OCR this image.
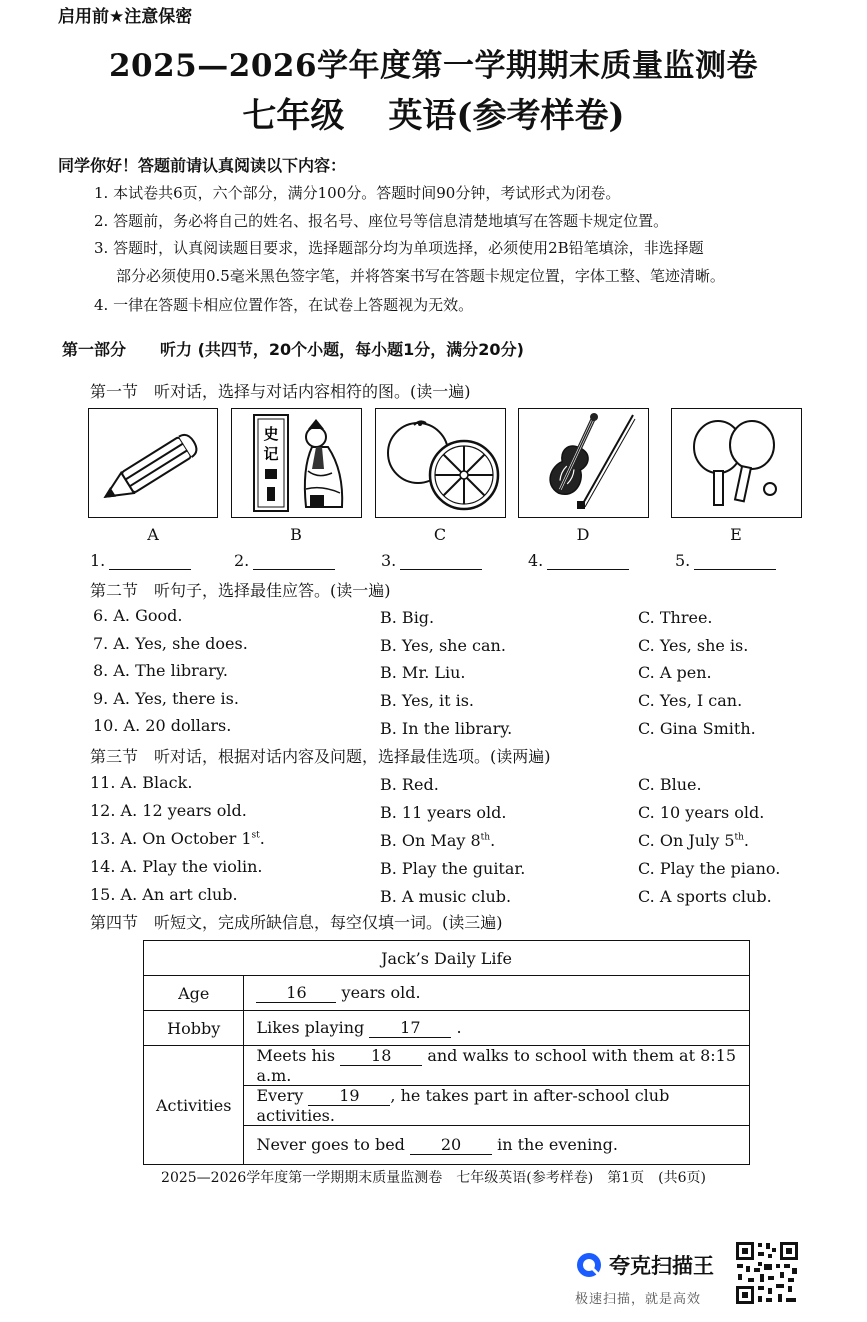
启用前★注意保密
2025—2026学年度第一学期期末质量监测卷
七年级 英语(参考样卷)
同学你好！答题前请认真阅读以下内容：
1. 本试卷共6页，六个部分，满分100分。答题时间90分钟，考试形式为闭卷。
2. 答题前，务必将自己的姓名、报名号、座位号等信息清楚地填写在答题卡规定位置。
3. 答题时，认真阅读题目要求，选择题部分均为单项选择，必须使用2B铅笔填涂，非选择题
部分必须使用0.5毫米黑色签字笔，并将答案书写在答题卡规定位置，字体工整、笔迹清晰。
4. 一律在答题卡相应位置作答，在试卷上答题视为无效。
第一部分 听力 (共四节，20个小题，每小题1分，满分20分)
第一节　听对话，选择与对话内容相符的图。(读一遍)
史
记
A	B	C	D	E
1.	2.	3.	4.	5.
第二节　听句子，选择最佳应答。(读一遍)
6. A. Good.	B. Big.	C. Three.
7. A. Yes, she does.	B. Yes, she can.	C. Yes, she is.
8. A. The library.	B. Mr. Liu.	C. A pen.
9. A. Yes, there is.	B. Yes, it is.	C. Yes, I can.
10. A. 20 dollars.	B. In the library.	C. Gina Smith.
第三节　听对话，根据对话内容及问题，选择最佳选项。(读两遍)
11. A. Black.	B. Red.	C. Blue.
12. A. 12 years old.	B. 11 years old.	C. 10 years old.
13. A. On October 1st.	B. On May 8th.	C. On July 5th.
14. A. Play the violin.	B. Play the guitar.	C. Play the piano.
15. A. An art club.	B. A music club.	C. A sports club.
第四节　听短文，完成所缺信息，每空仅填一词。(读三遍)
Jack’s Daily Life	
Age	16 years old.
Hobby	Likes playing 17 .
Activities	Meets his 18 and walks to school with them at 8:15 a.m.
	Every 19 , he takes part in after-school club activities.
	Never goes to bed 20 in the evening.
2025—2026学年度第一学期期末质量监测卷　七年级英语(参考样卷)　第1页　(共6页)
夸克扫描王
极速扫描，就是高效
